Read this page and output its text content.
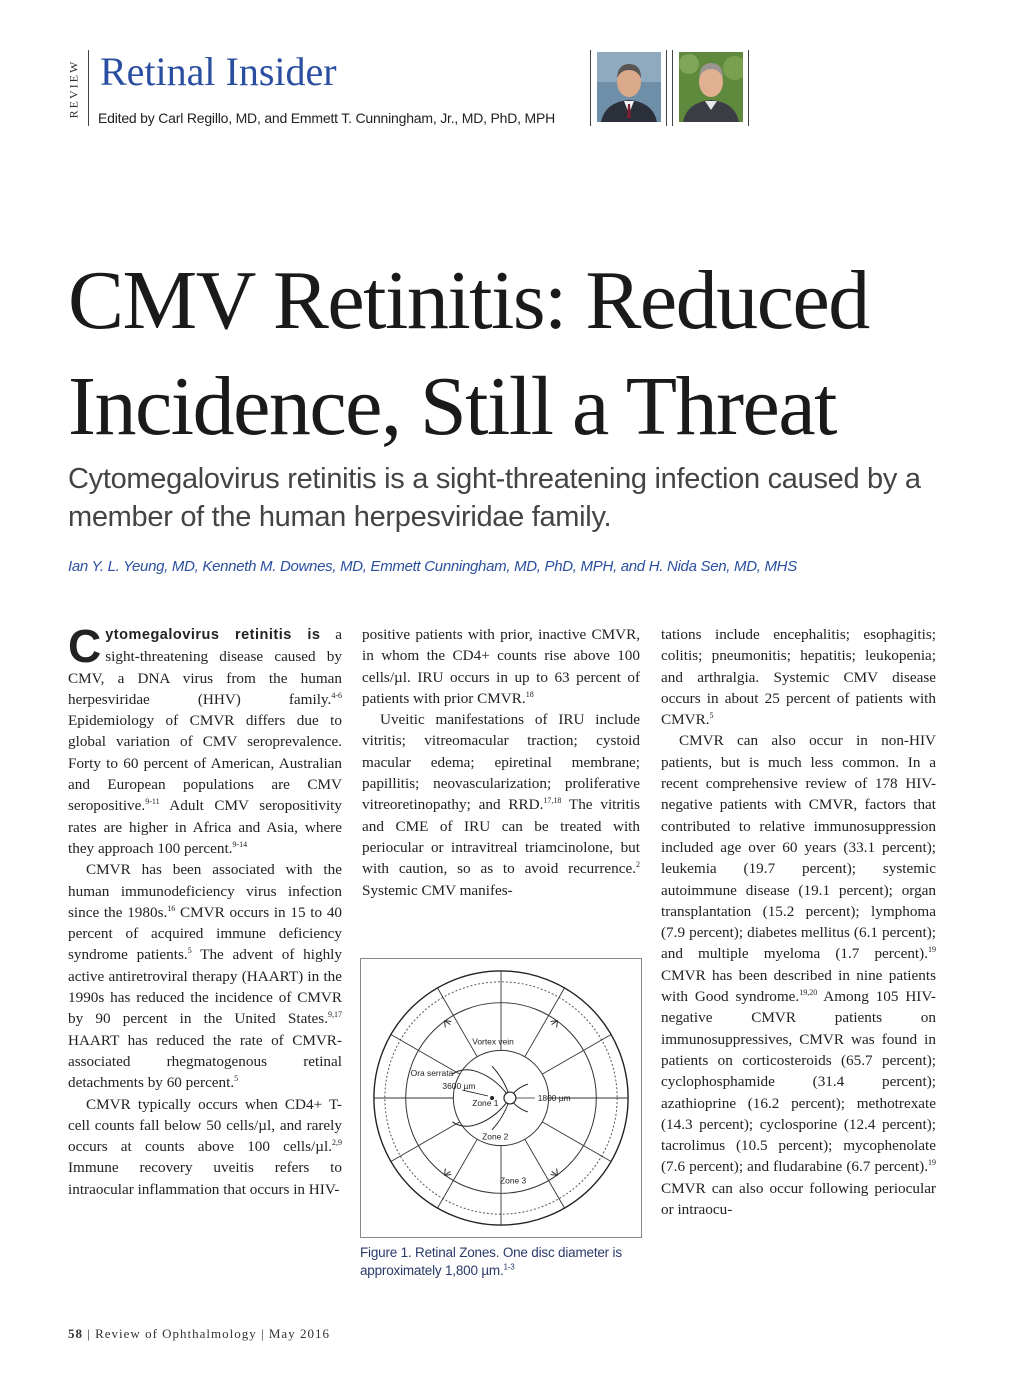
REVIEW Retinal Insider
Edited by Carl Regillo, MD, and Emmett T. Cunningham, Jr., MD, PhD, MPH
CMV Retinitis: Reduced
Incidence, Still a Threat

Cytomegalovirus retinitis is a sight-threatening infection caused by a member of the human herpesviridae family.

Ian Y. L. Yeung, MD, Kenneth M. Downes, MD, Emmett Cunningham, MD, PhD, MPH, and H. Nida Sen, MD, MHS

Cytomegalovirus retinitis is a sight-threatening disease caused by CMV, a DNA virus from the human herpesviridae (HHV) family.$^{4-6}$ Epidemiology of CMVR differs due to global variation of CMV seroprevalence. Forty to 60 percent of American, Australian and European populations are CMV seropositive.$^{9-11}$ Adult CMV seropositivity rates are higher in Africa and Asia, where they approach 100 percent.$^{9-14}$

CMVR has been associated with the human immunodeficiency virus infection since the 1980s.$^{16}$ CMVR occurs in 15 to 40 percent of acquired immune deficiency syndrome patients.$^5$ The advent of highly active antiretroviral therapy (HAART) in the 1990s has reduced the incidence of CMVR by 90 percent in the United States.$^{9,17}$ HAART has reduced the rate of CMVR-associated rhegmatogenous retinal detachments by 60 percent.$^5$

CMVR typically occurs when CD4+ T-cell counts fall below 50 cells/µl, and rarely occurs at counts above 100 cells/µl.$^{2,9}$ Immune recovery uveitis refers to intraocular inflammation that occurs in HIV-

positive patients with prior, inactive CMVR, in whom the CD4+ counts rise above 100 cells/µl. IRU occurs in up to 63 percent of patients with prior CMVR.$^{18}$

Uveitic manifestations of IRU include vitritis; vitreomacular traction; cystoid macular edema; epiretinal membrane; papillitis; neovascularization; proliferative vitreoretinopathy; and RRD.$^{17,18}$ The vitritis and CME of IRU can be treated with periocular or intravitreal triamcinolone, but with caution, so as to avoid recurrence.$^2$ Systemic CMV manifes-

Vortex vein
Ora serrata
3600 µm
Zone 1	1800 µm
Zone 2
Zone 3
Figure 1. Retinal Zones. One disc diameter is approximately 1,800 µm.$^{1-3}$

tations include encephalitis; esophagitis; colitis; pneumonitis; hepatitis; leukopenia; and arthralgia. Systemic CMV disease occurs in about 25 percent of patients with CMVR.$^5$

CMVR can also occur in non-HIV patients, but is much less common. In a recent comprehensive review of 178 HIV-negative patients with CMVR, factors that contributed to relative immunosuppression included age over 60 years (33.1 percent); leukemia (19.7 percent); systemic autoimmune disease (19.1 percent); organ transplantation (15.2 percent); lymphoma (7.9 percent); diabetes mellitus (6.1 percent); and multiple myeloma (1.7 percent).$^{19}$ CMVR has been described in nine patients with Good syndrome.$^{19,20}$ Among 105 HIV-negative CMVR patients on immunosuppressives, CMVR was found in patients on corticosteroids (65.7 percent); cyclophosphamide (31.4 percent); azathioprine (16.2 percent); methotrexate (14.3 percent); cyclosporine (12.4 percent); tacrolimus (10.5 percent); mycophenolate (7.6 percent); and fludarabine (6.7 percent).$^{19}$ CMVR can also occur following periocular or intraocu-

58 | Review of Ophthalmology | May 2016
